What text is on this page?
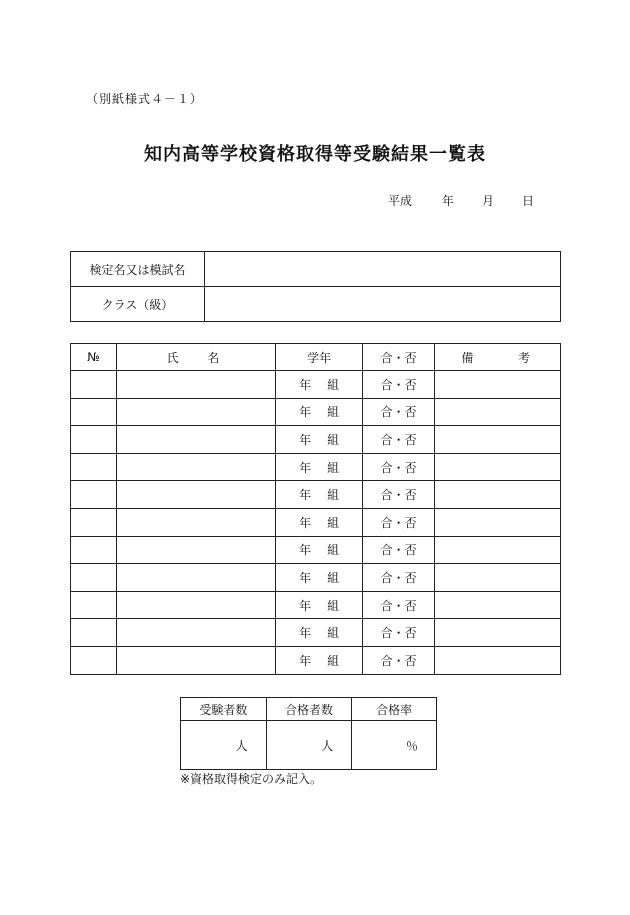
（別紙様式４－１）
知内高等学校資格取得等受験結果一覧表
平成	年	月	日
検定名又は模試名	
クラス（級）	
№	氏 名	学年	合・否	備 考

		年 組	合・否	

		年 組	合・否	

		年 組	合・否	

		年 組	合・否	

		年 組	合・否	

		年 組	合・否	

		年 組	合・否	

		年 組	合・否	

		年 組	合・否	

		年 組	合・否	

		年 組	合・否	
受験者数	合格者数	合格率
人	人	％
※資格取得検定のみ記入。
